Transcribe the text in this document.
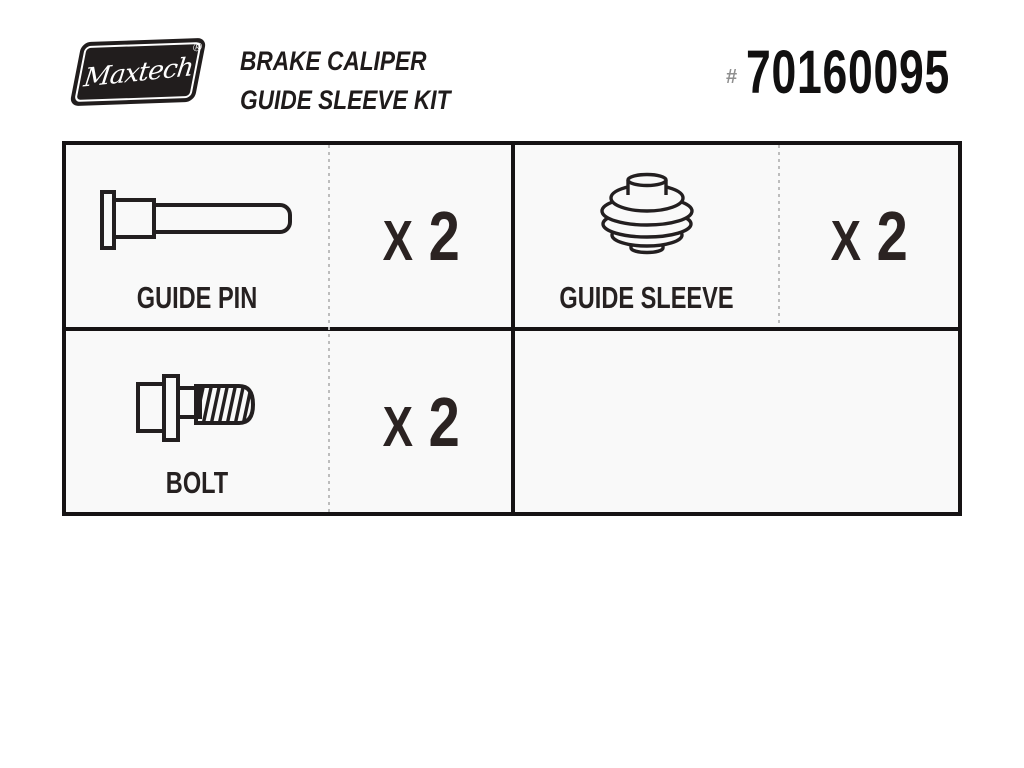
Maxtech
® BRAKE CALIPER
GUIDE SLEEVE KIT
# 70160095
GUIDE PIN
X 2
GUIDE SLEEVE
X 2
BOLT
X 2
